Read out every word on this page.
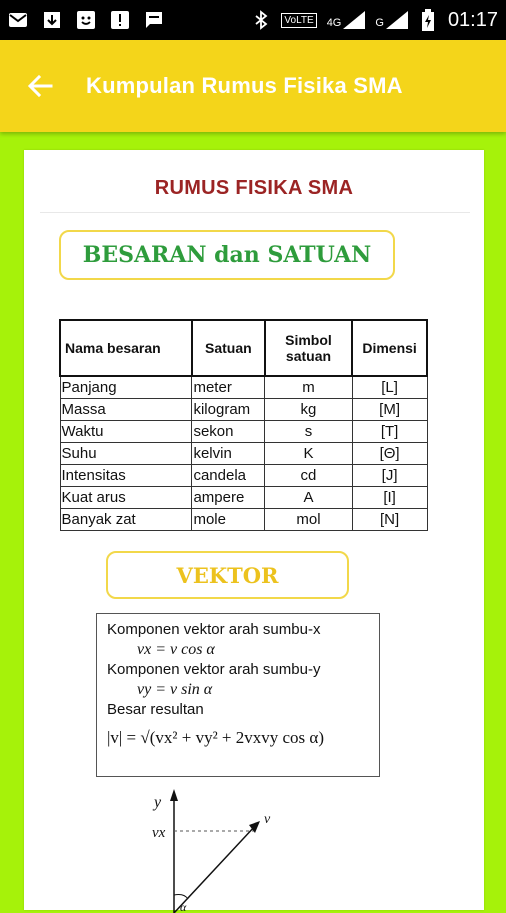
VoLTE 4G	G	01:17
Kumpulan Rumus Fisika SMA
RUMUS FISIKA SMA
BESARAN dan SATUAN
Nama besaran	Satuan	Simbol satuan	Dimensi
Panjang	meter	m	[L]
Massa	kilogram	kg	[M]
Waktu	sekon	s	[T]
Suhu	kelvin	K	[Θ]
Intensitas	candela	cd	[J]
Kuat arus	ampere	A	[I]
Banyak zat	mole	mol	[N]
VEKTOR
Komponen vektor arah sumbu-x
vx = v cos α
Komponen vektor arah sumbu-y
vy = v sin α
Besar resultan
|v| = √(vx² + vy² + 2vxvy cos α)
y
vx
v
α
